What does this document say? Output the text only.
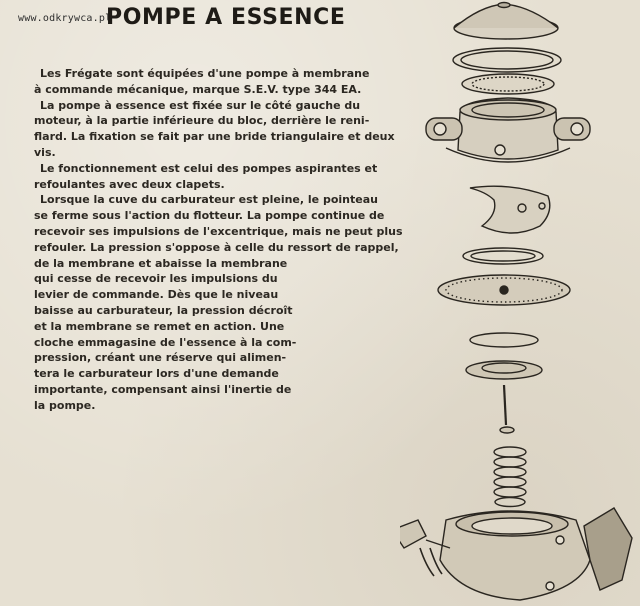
www.odkrywca.pl
POMPE A ESSENCE

Les Frégate sont équipées d'une pompe à membrane
à commande mécanique, marque S.E.V. type 344 EA.

La pompe à essence est fixée sur le côté gauche du
moteur, à la partie inférieure du bloc, derrière le reni-
flard. La fixation se fait par une bride triangulaire et deux
vis.

Le fonctionnement est celui des pompes aspirantes et
refoulantes avec deux clapets.

Lorsque la cuve du carburateur est pleine, le pointeau
se ferme sous l'action du flotteur. La pompe continue de
recevoir ses impulsions de l'excentrique, mais ne peut plus
refouler. La pression s'oppose à celle du ressort de rappel,
de la membrane et abaisse la membrane
qui cesse de recevoir les impulsions du
levier de commande. Dès que le niveau
baisse au carburateur, la pression décroît
et la membrane se remet en action. Une
cloche emmagasine de l'essence à la com-
pression, créant une réserve qui alimen-
tera le carburateur lors d'une demande
importante, compensant ainsi l'inertie de
la pompe.
